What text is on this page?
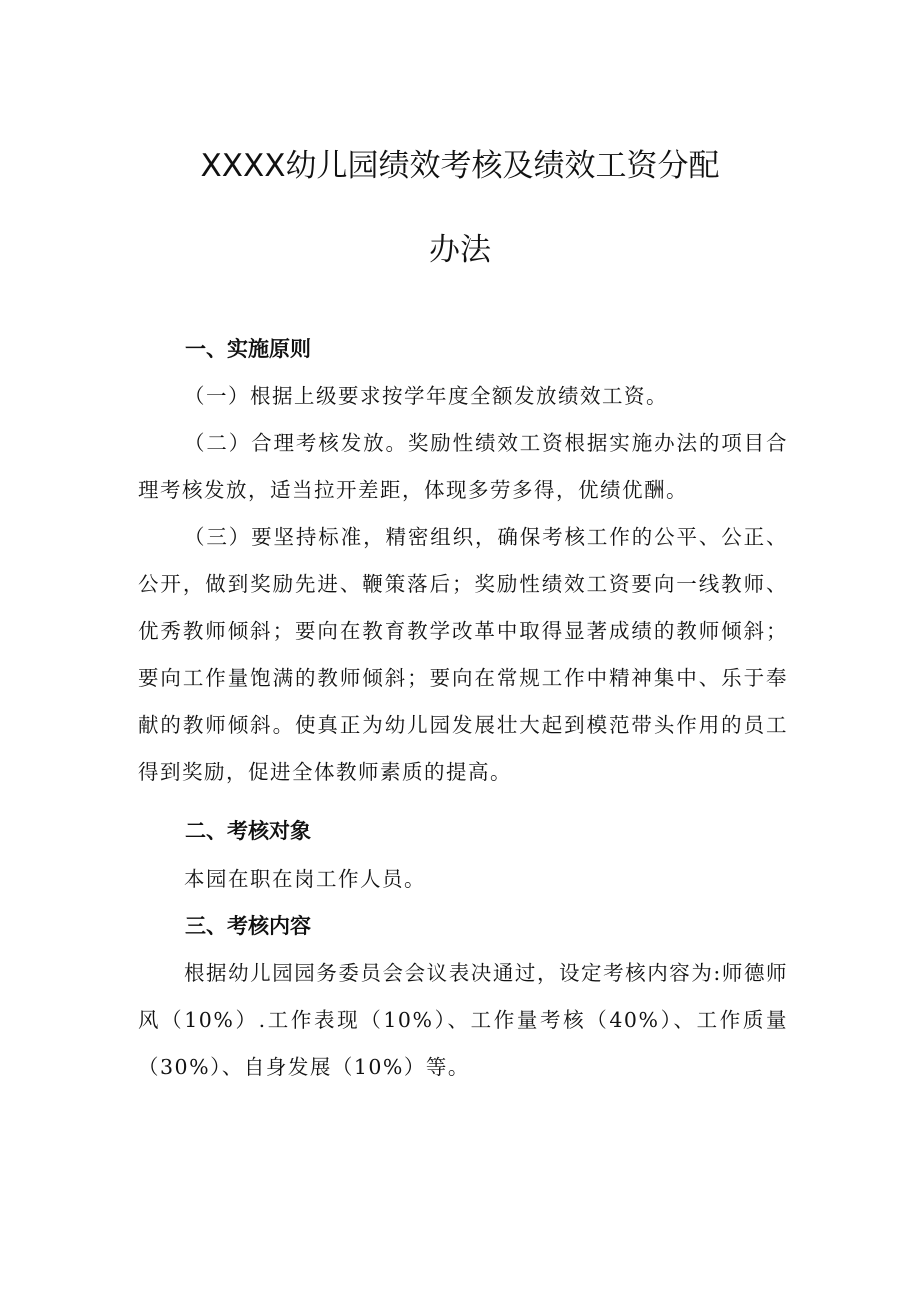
XXXX幼儿园绩效考核及绩效工资分配
办法
一、实施原则

（一）根据上级要求按学年度全额发放绩效工资。

（二）合理考核发放。奖励性绩效工资根据实施办法的项目合理考核发放，适当拉开差距，体现多劳多得，优绩优酬。

（三）要坚持标准，精密组织，确保考核工作的公平、公正、公开，做到奖励先进、鞭策落后；奖励性绩效工资要向一线教师、优秀教师倾斜；要向在教育教学改革中取得显著成绩的教师倾斜；要向工作量饱满的教师倾斜；要向在常规工作中精神集中、乐于奉献的教师倾斜。使真正为幼儿园发展壮大起到模范带头作用的员工得到奖励，促进全体教师素质的提高。

二、考核对象

本园在职在岗工作人员。

三、考核内容

根据幼儿园园务委员会会议表决通过，设定考核内容为:师德师风（10%）.工作表现（10%）、工作量考核（40%）、工作质量（30%）、自身发展（10%）等。
